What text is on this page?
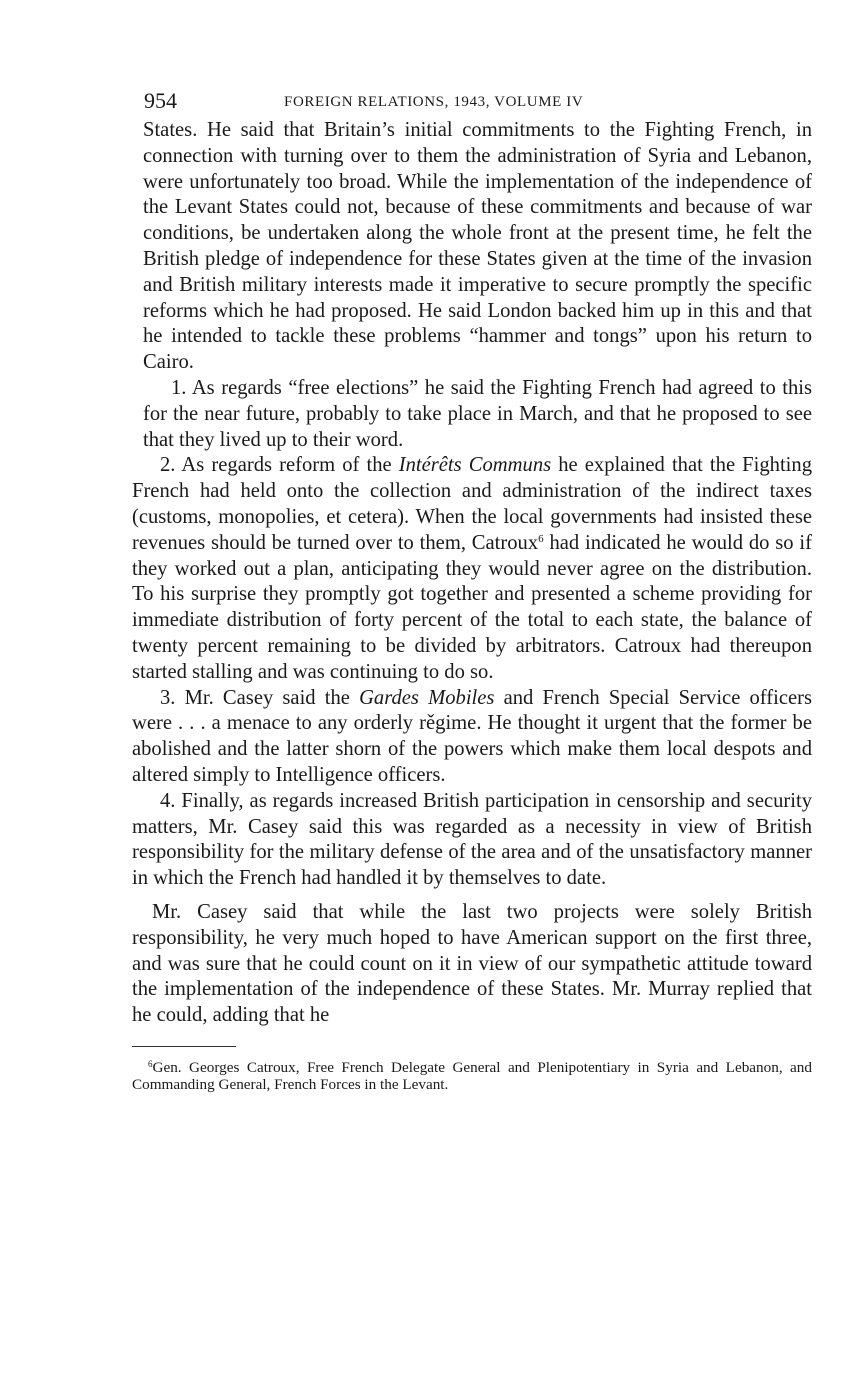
954	FOREIGN RELATIONS, 1943, VOLUME IV

States. He said that Britain’s initial commitments to the Fighting French, in connection with turning over to them the administration of Syria and Lebanon, were unfortunately too broad. While the implementation of the independence of the Levant States could not, because of these commitments and because of war conditions, be undertaken along the whole front at the present time, he felt the British pledge of independence for these States given at the time of the invasion and British military interests made it imperative to secure promptly the specific reforms which he had proposed. He said London backed him up in this and that he intended to tackle these problems “hammer and tongs” upon his return to Cairo.

1. As regards “free elections” he said the Fighting French had agreed to this for the near future, probably to take place in March, and that he proposed to see that they lived up to their word.

2. As regards reform of the Intérêts Communs he explained that the Fighting French had held onto the collection and administration of the indirect taxes (customs, monopolies, et cetera). When the local governments had insisted these revenues should be turned over to them, Catroux$^6$ had indicated he would do so if they worked out a plan, anticipating they would never agree on the distribution. To his surprise they promptly got together and presented a scheme providing for immediate distribution of forty percent of the total to each state, the balance of twenty percent remaining to be divided by arbitrators. Catroux had thereupon started stalling and was continuing to do so.

3. Mr. Casey said the Gardes Mobiles and French Special Service officers were . . . a menace to any orderly rěgime. He thought it urgent that the former be abolished and the latter shorn of the powers which make them local despots and altered simply to Intelligence officers.

4. Finally, as regards increased British participation in censorship and security matters, Mr. Casey said this was regarded as a necessity in view of British responsibility for the military defense of the area and of the unsatisfactory manner in which the French had handled it by themselves to date.

Mr. Casey said that while the last two projects were solely British responsibility, he very much hoped to have American support on the first three, and was sure that he could count on it in view of our sympathetic attitude toward the implementation of the independence of these States. Mr. Murray replied that he could, adding that he

$^6$Gen. Georges Catroux, Free French Delegate General and Plenipotentiary in Syria and Lebanon, and Commanding General, French Forces in the Levant.
